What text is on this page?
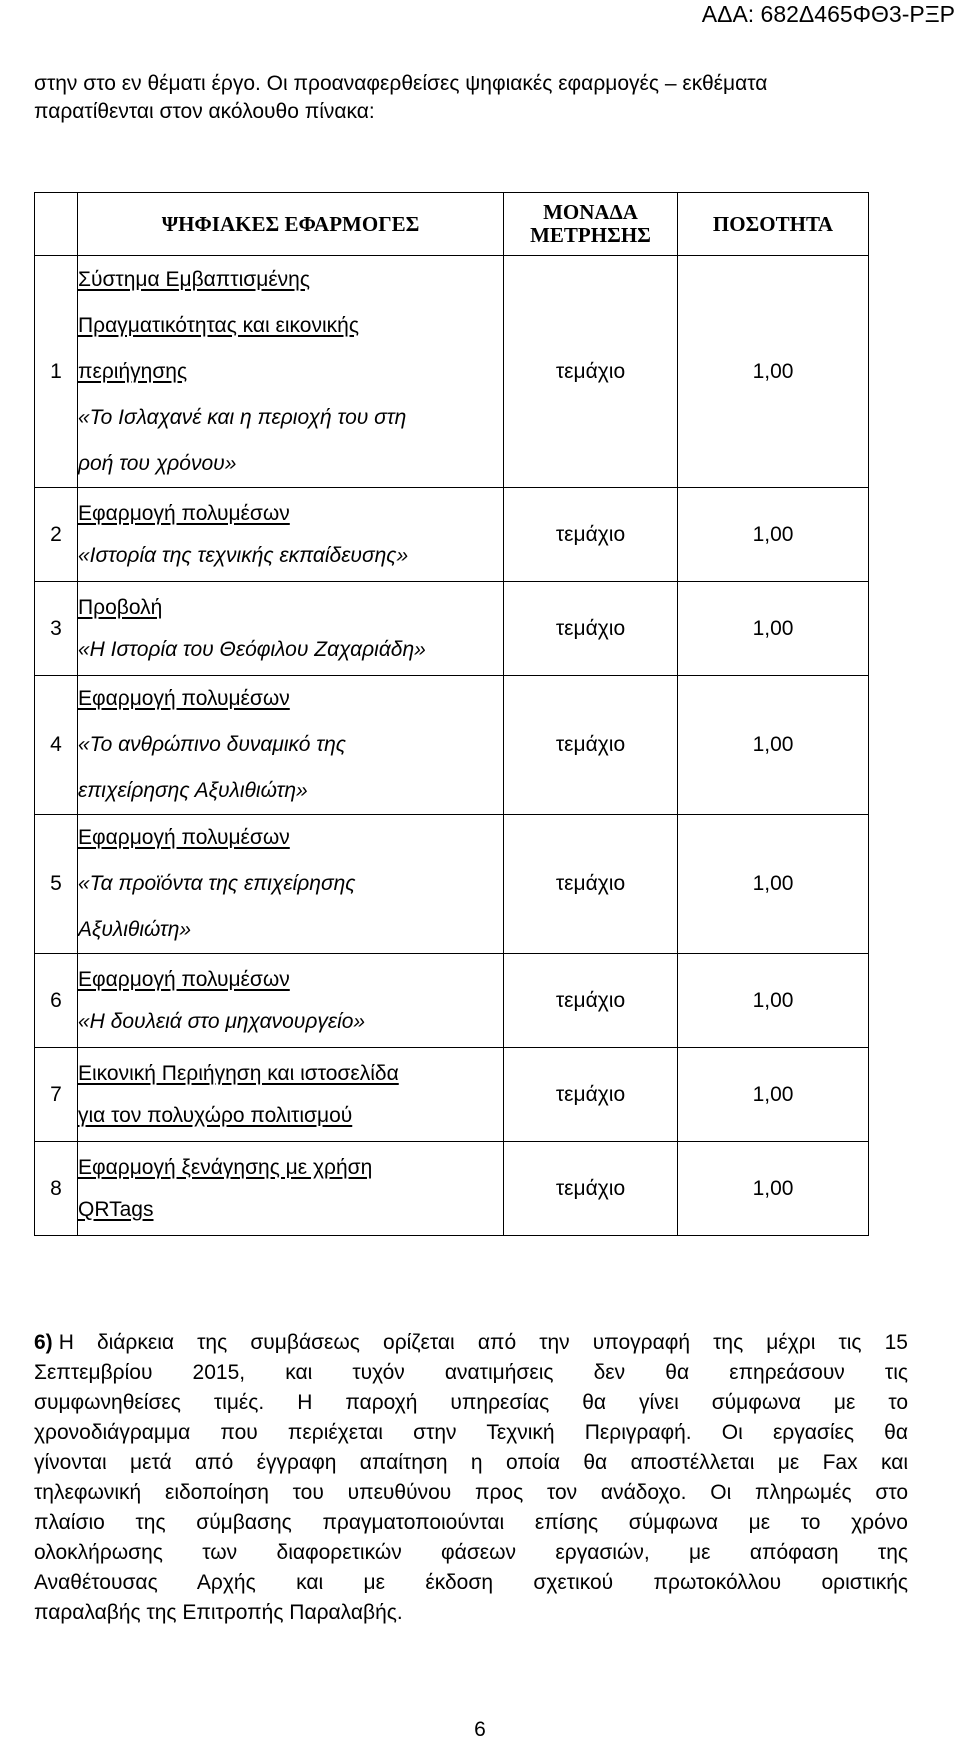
ΑΔΑ: 682Δ465ΦΘ3-ΡΞΡ
στην στο εν θέματι έργο. Οι προαναφερθείσες ψηφιακές εφαρμογές – εκθέματα
παρατίθενται στον ακόλουθο πίνακα:
	ΨΗΦΙΑΚΕΣ ΕΦΑΡΜΟΓΕΣ	ΜΟΝΑΔΑ
ΜΕΤΡΗΣΗΣ	ΠΟΣΟΤΗΤΑ
1	Σύστημα Εμβαπτισμένης
Πραγματικότητας και εικονικής
περιήγησης
«Το Ισλαχανέ και η περιοχή του στη
ροή του χρόνου»	τεμάχιο	1,00
2	Εφαρμογή πολυμέσων
«Ιστορία της τεχνικής εκπαίδευσης»	τεμάχιο	1,00
3	Προβολή
«Η Ιστορία του Θεόφιλου Ζαχαριάδη»	τεμάχιο	1,00
4	Εφαρμογή πολυμέσων
«Το ανθρώπινο δυναμικό της
επιχείρησης Αξυλιθιώτη»	τεμάχιο	1,00
5	Εφαρμογή πολυμέσων
«Τα προϊόντα της επιχείρησης
Αξυλιθιώτη»	τεμάχιο	1,00
6	Εφαρμογή πολυμέσων
«Η δουλειά στο μηχανουργείο»	τεμάχιο	1,00
7	Εικονική Περιήγηση και ιστοσελίδα
για τον πολυχώρο πολιτισμού	τεμάχιο	1,00
8	Εφαρμογή ξενάγησης με χρήση
QRTags	τεμάχιο	1,00
6) Η διάρκεια της συμβάσεως ορίζεται από την υπογραφή της μέχρι τις 15
Σεπτεμβρίου 2015, και τυχόν ανατιμήσεις δεν θα επηρεάσουν τις
συμφωνηθείσες τιμές. Η παροχή υπηρεσίας θα γίνει σύμφωνα με το
χρονοδιάγραμμα που περιέχεται στην Τεχνική Περιγραφή. Οι εργασίες θα
γίνονται μετά από έγγραφη απαίτηση η οποία θα αποστέλλεται με Fax και
τηλεφωνική ειδοποίηση του υπευθύνου προς τον ανάδοχο. Οι πληρωμές στο
πλαίσιο της σύμβασης πραγματοποιούνται επίσης σύμφωνα με το χρόνο
ολοκλήρωσης των διαφορετικών φάσεων εργασιών, με απόφαση της
Αναθέτουσας Αρχής και με έκδοση σχετικού πρωτοκόλλου οριστικής
παραλαβής της Επιτροπής Παραλαβής.
6
